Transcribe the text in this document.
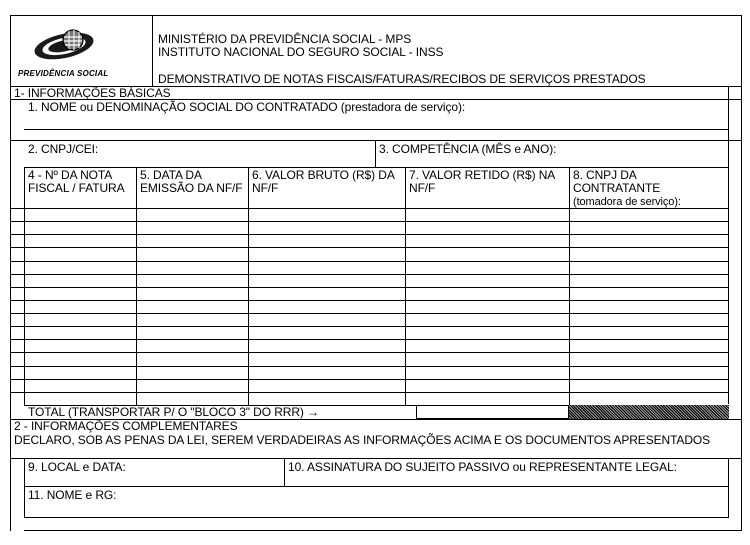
PREVIDÊNCIA SOCIAL
MINISTÉRIO DA PREVIDÊNCIA SOCIAL - MPS
INSTITUTO NACIONAL DO SEGURO SOCIAL - INSS
DEMONSTRATIVO DE NOTAS FISCAIS/FATURAS/RECIBOS DE SERVIÇOS PRESTADOS
1- INFORMAÇÕES BÁSICAS
1. NOME ou DENOMINAÇÃO SOCIAL DO CONTRATADO (prestadora de serviço):
2. CNPJ/CEI:	3. COMPETÊNCIA (MÊS e ANO):
4 - Nº DA NOTA
FISCAL / FATURA
5. DATA DA
EMISSÃO DA NF/F
6. VALOR BRUTO (R$) DA
NF/F
7. VALOR RETIDO (R$) NA
NF/F
8. CNPJ DA
CONTRATANTE
(tomadora de serviço):
TOTAL (TRANSPORTAR P/ O "BLOCO 3" DO RRR) →
2 - INFORMAÇÕES COMPLEMENTARES
DECLARO, SOB AS PENAS DA LEI, SEREM VERDADEIRAS AS INFORMAÇÕES ACIMA E OS DOCUMENTOS APRESENTADOS
9. LOCAL e DATA:	10. ASSINATURA DO SUJEITO PASSIVO ou REPRESENTANTE LEGAL:
11. NOME e RG:
